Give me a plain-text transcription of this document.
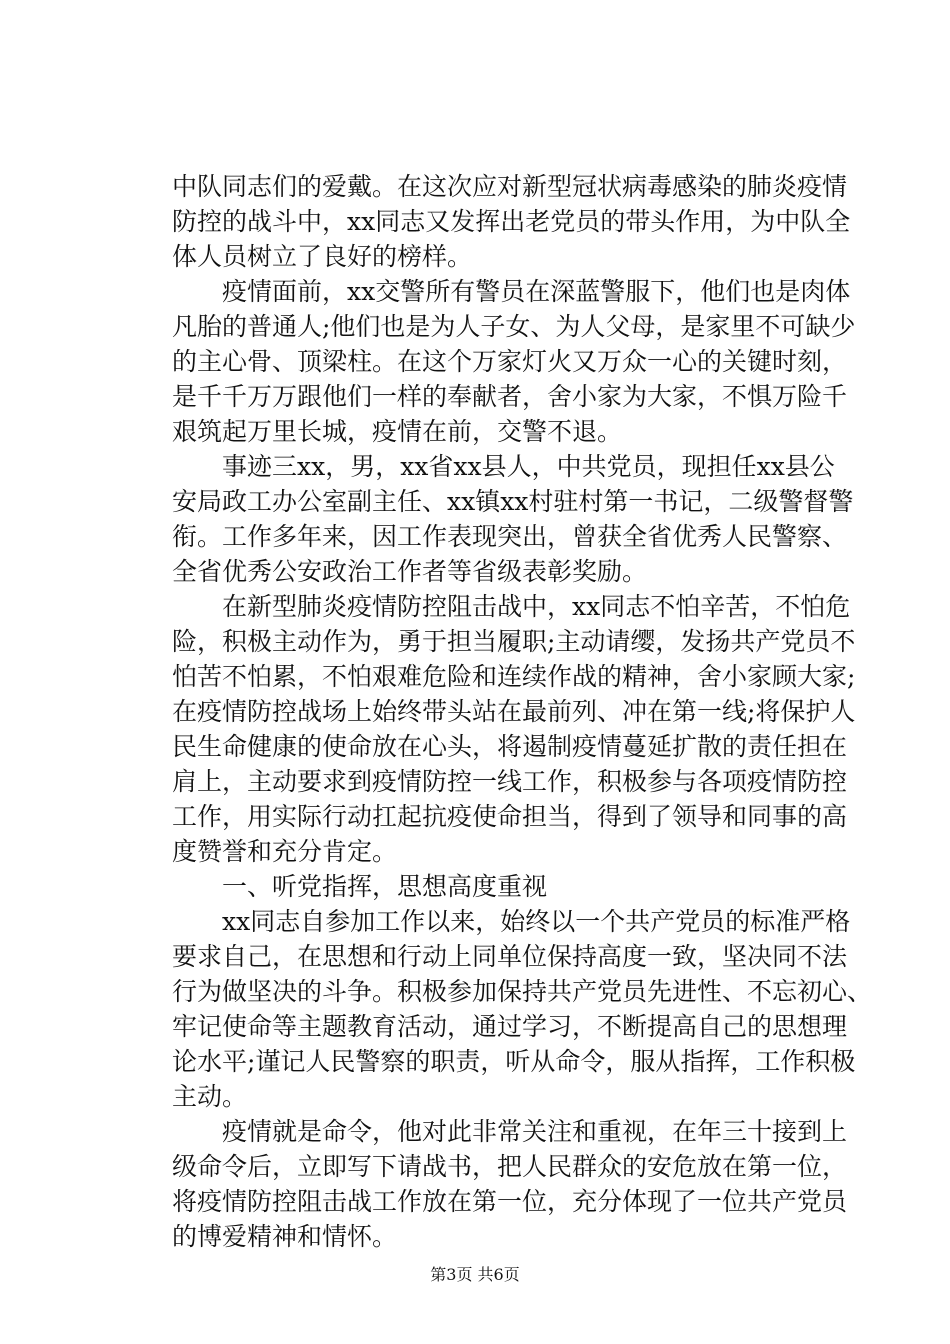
中队同志们的爱戴。在这次应对新型冠状病毒感染的肺炎疫情
防控的战斗中，xx同志又发挥出老党员的带头作用，为中队全
体人员树立了良好的榜样。
疫情面前，xx交警所有警员在深蓝警服下，他们也是肉体
凡胎的普通人;他们也是为人子女、为人父母，是家里不可缺少
的主心骨、顶梁柱。在这个万家灯火又万众一心的关键时刻，
是千千万万跟他们一样的奉献者，舍小家为大家，不惧万险千
艰筑起万里长城，疫情在前，交警不退。
事迹三xx，男，xx省xx县人，中共党员，现担任xx县公
安局政工办公室副主任、xx镇xx村驻村第一书记，二级警督警
衔。工作多年来，因工作表现突出，曾获全省优秀人民警察、
全省优秀公安政治工作者等省级表彰奖励。
在新型肺炎疫情防控阻击战中，xx同志不怕辛苦，不怕危
险，积极主动作为，勇于担当履职;主动请缨，发扬共产党员不
怕苦不怕累，不怕艰难危险和连续作战的精神，舍小家顾大家;
在疫情防控战场上始终带头站在最前列、冲在第一线;将保护人
民生命健康的使命放在心头，将遏制疫情蔓延扩散的责任担在
肩上，主动要求到疫情防控一线工作，积极参与各项疫情防控
工作，用实际行动扛起抗疫使命担当，得到了领导和同事的高
度赞誉和充分肯定。
一、听党指挥，思想高度重视
xx同志自参加工作以来，始终以一个共产党员的标准严格
要求自己，在思想和行动上同单位保持高度一致，坚决同不法
行为做坚决的斗争。积极参加保持共产党员先进性、不忘初心、
牢记使命等主题教育活动，通过学习，不断提高自己的思想理
论水平;谨记人民警察的职责，听从命令，服从指挥，工作积极
主动。
疫情就是命令，他对此非常关注和重视，在年三十接到上
级命令后，立即写下请战书，把人民群众的安危放在第一位，
将疫情防控阻击战工作放在第一位，充分体现了一位共产党员
的博爱精神和情怀。
第3页 共6页
